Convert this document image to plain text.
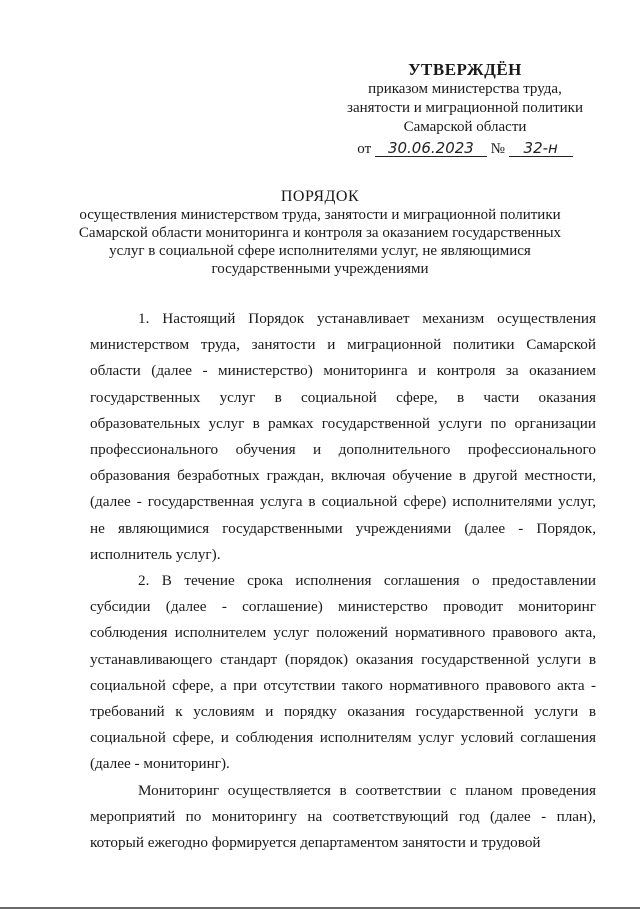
УТВЕРЖДЁН
приказом министерства труда,
занятости и миграционной политики
Самарской области
от 30.06.2023 № 32-н
ПОРЯДОК
осуществления министерством труда, занятости и миграционной политики Самарской области мониторинга и контроля за оказанием государственных услуг в социальной сфере исполнителями услуг, не являющимися государственными учреждениями

1. Настоящий Порядок устанавливает механизм осуществления министерством труда, занятости и миграционной политики Самарской области (далее - министерство) мониторинга и контроля за оказанием государственных услуг в социальной сфере, в части оказания образовательных услуг в рамках государственной услуги по организации профессионального обучения и дополнительного профессионального образования безработных граждан, включая обучение в другой местности, (далее - государственная услуга в социальной сфере) исполнителями услуг, не являющимися государственными учреждениями (далее - Порядок, исполнитель услуг).

2. В течение срока исполнения соглашения о предоставлении субсидии (далее - соглашение) министерство проводит мониторинг соблюдения исполнителем услуг положений нормативного правового акта, устанавливающего стандарт (порядок) оказания государственной услуги в социальной сфере, а при отсутствии такого нормативного правового акта - требований к условиям и порядку оказания государственной услуги в социальной сфере, и соблюдения исполнителям услуг условий соглашения (далее - мониторинг).

Мониторинг осуществляется в соответствии с планом проведения мероприятий по мониторингу на соответствующий год (далее - план), который ежегодно формируется департаментом занятости и трудовой
